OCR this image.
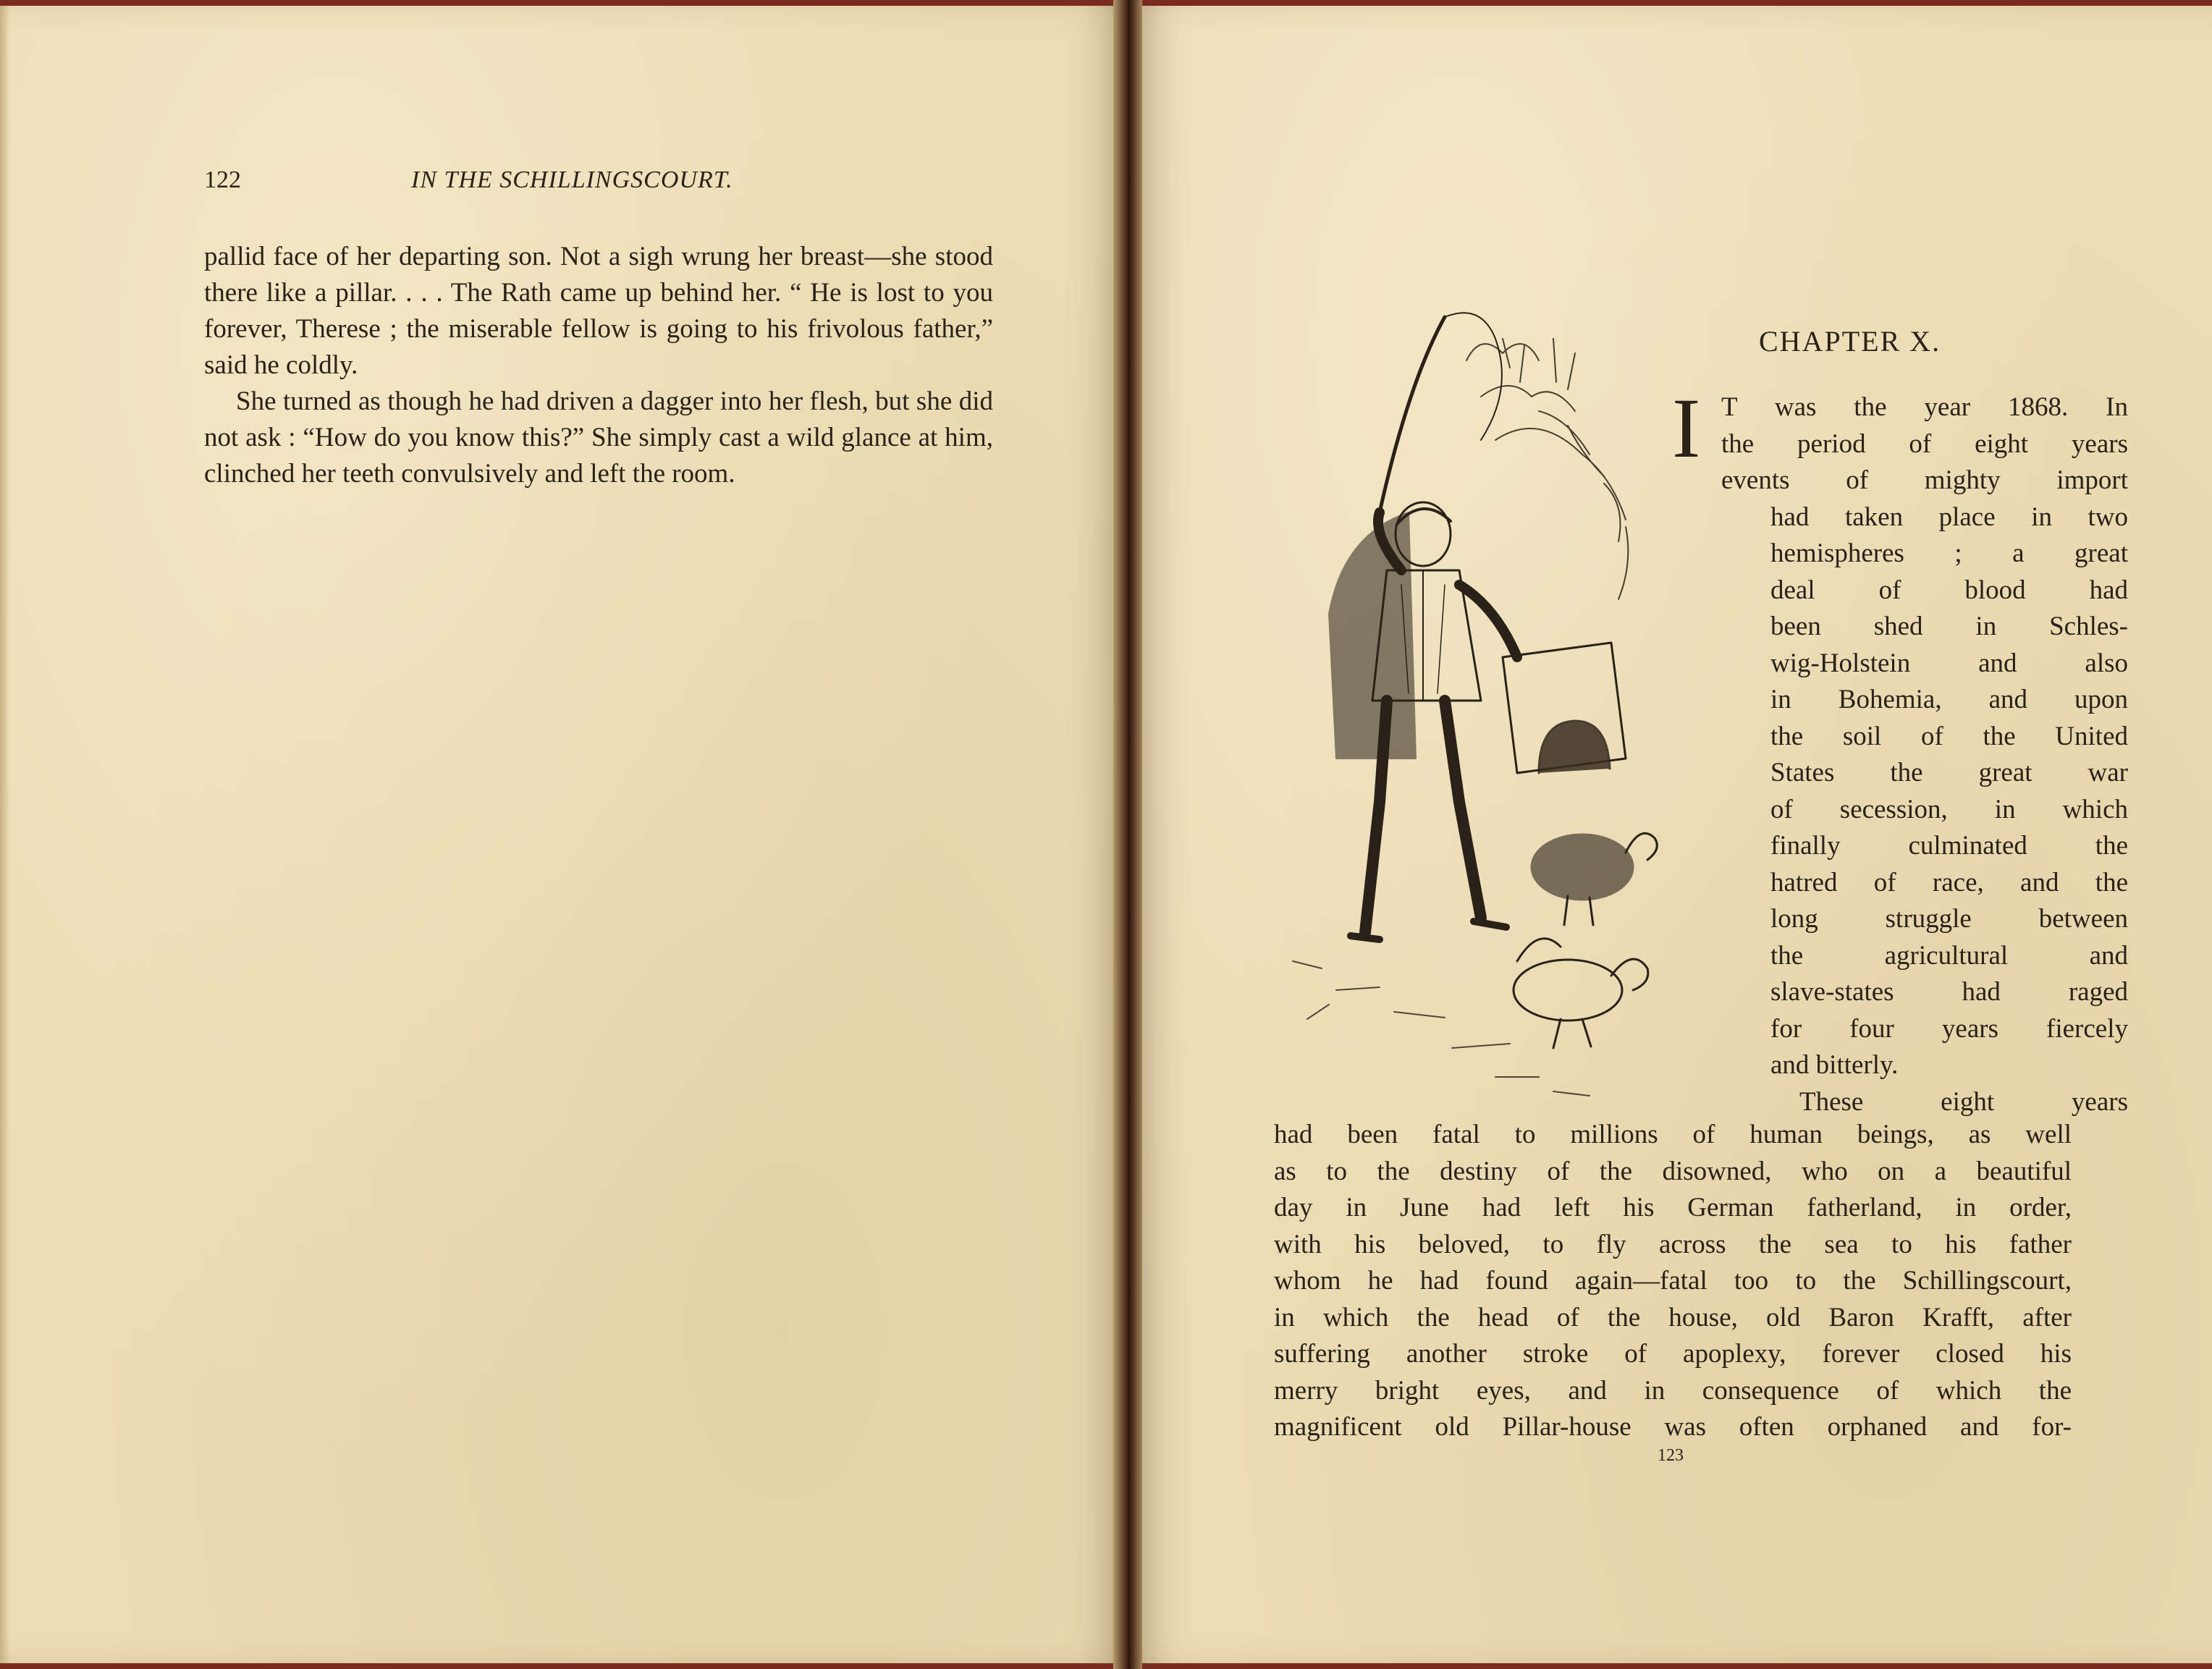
122	IN THE SCHILLINGSCOURT.

pallid face of her departing son. Not a sigh wrung her breast—she stood there like a pillar. . . . The Rath came up behind her. “ He is lost to you forever, Therese ; the miserable fellow is going to his frivolous father,” said he coldly.

She turned as though he had driven a dagger into her flesh, but she did not ask : “How do you know this?” She simply cast a wild glance at him, clinched her teeth convulsively and left the room.

CHAPTER X.
I T was the year 1868. In
the period of eight years
events of mighty import
had taken place in two
hemispheres ; a great
deal of blood had
been shed in Schles-
wig-Holstein and also
in Bohemia, and upon
the soil of the United
States the great war
of secession, in which
finally culminated the
hatred of race, and the
long struggle between
the agricultural and
slave-states had raged
for four years fiercely
and bitterly.
These eight years
had been fatal to millions of human beings, as well
as to the destiny of the disowned, who on a beautiful
day in June had left his German fatherland, in order,
with his beloved, to fly across the sea to his father
whom he had found again—fatal too to the Schillingscourt,
in which the head of the house, old Baron Krafft, after
suffering another stroke of apoplexy, forever closed his
merry bright eyes, and in consequence of which the
magnificent old Pillar-house was often orphaned and for-
123
